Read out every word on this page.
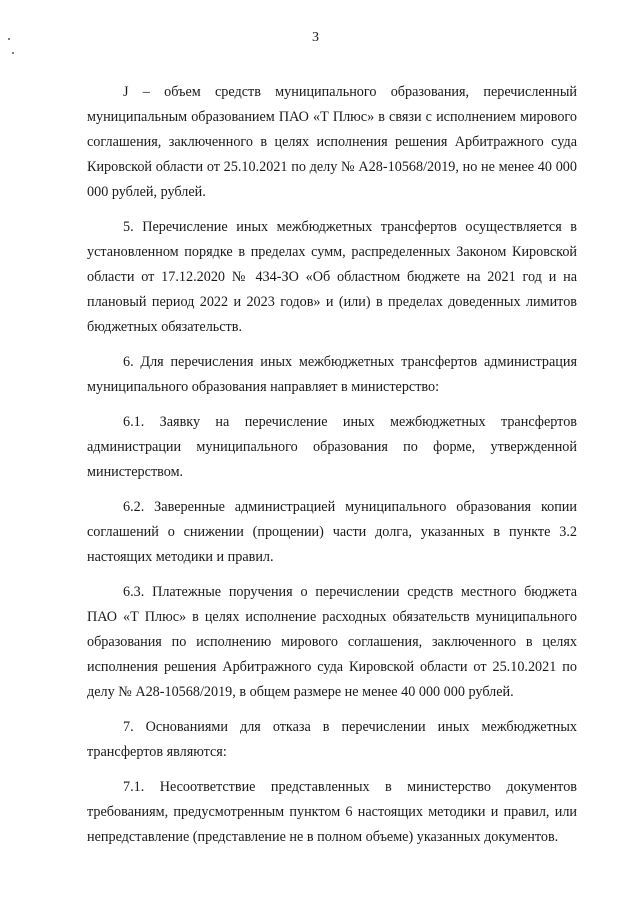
3

J – объем средств муниципального образования, перечисленный муниципальным образованием ПАО «Т Плюс» в связи с исполнением мирового соглашения, заключенного в целях исполнения решения Арбитражного суда Кировской области от 25.10.2021 по делу № А28-10568/2019, но не менее 40 000 000 рублей, рублей.

5. Перечисление иных межбюджетных трансфертов осуществляется в установленном порядке в пределах сумм, распределенных Законом Кировской области от 17.12.2020 № 434-ЗО «Об областном бюджете на 2021 год и на плановый период 2022 и 2023 годов» и (или) в пределах доведенных лимитов бюджетных обязательств.

6. Для перечисления иных межбюджетных трансфертов администрация муниципального образования направляет в министерство:

6.1. Заявку на перечисление иных межбюджетных трансфертов администрации муниципального образования по форме, утвержденной министерством.

6.2. Заверенные администрацией муниципального образования копии соглашений о снижении (прощении) части долга, указанных в пункте 3.2 настоящих методики и правил.

6.3. Платежные поручения о перечислении средств местного бюджета ПАО «Т Плюс» в целях исполнение расходных обязательств муниципального образования по исполнению мирового соглашения, заключенного в целях исполнения решения Арбитражного суда Кировской области от 25.10.2021 по делу № А28-10568/2019, в общем размере не менее 40 000 000 рублей.

7. Основаниями для отказа в перечислении иных межбюджетных трансфертов являются:

7.1. Несоответствие представленных в министерство документов требованиям, предусмотренным пунктом 6 настоящих методики и правил, или непредставление (представление не в полном объеме) указанных документов.
